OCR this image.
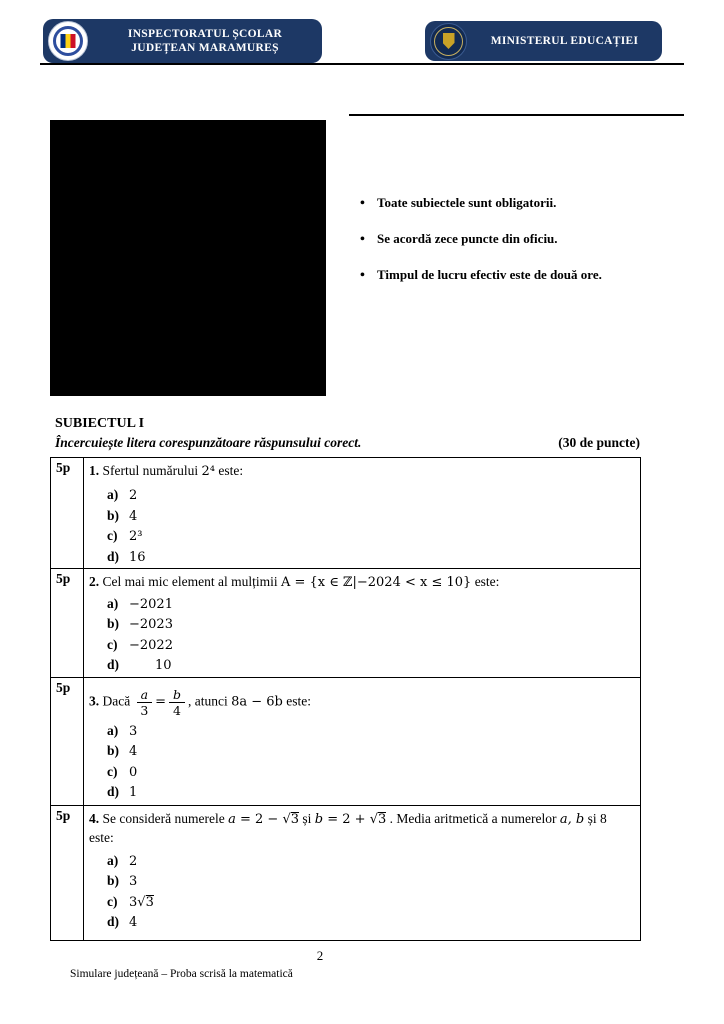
INSPECTORATUL ȘCOLAR
JUDEȚEAN MARAMUREȘ
MINISTERUL EDUCAȚIEI
• Toate subiectele sunt obligatorii.
• Se acordă zece puncte din oficiu.
• Timpul de lucru efectiv este de două ore.
SUBIECTUL I
Încercuiește litera corespunzătoare răspunsului corect.	(30 de puncte)
5p	1. Sfertul numărului 2⁴ este:
a) 2
b) 4
c) 2³
d) 16

5p	2. Cel mai mic element al mulțimii A = {x ∈ ℤ|−2024 < x ≤ 10} este:
a) −2021
b) −2023
c) −2022
d) 10

5p	
3. Dacă $\frac{a}{3} = \frac{b}{4}$ , atunci 8a − 6b este:
a) 3
b) 4
c) 0
d) 1

5p	4. Se consideră numerele a = 2 − √3 și b = 2 + √3 . Media aritmetică a numerelor a, b și 8 este:
a) 2
b) 3
c) 3√3
d) 4
2
Simulare județeană – Proba scrisă la matematică
